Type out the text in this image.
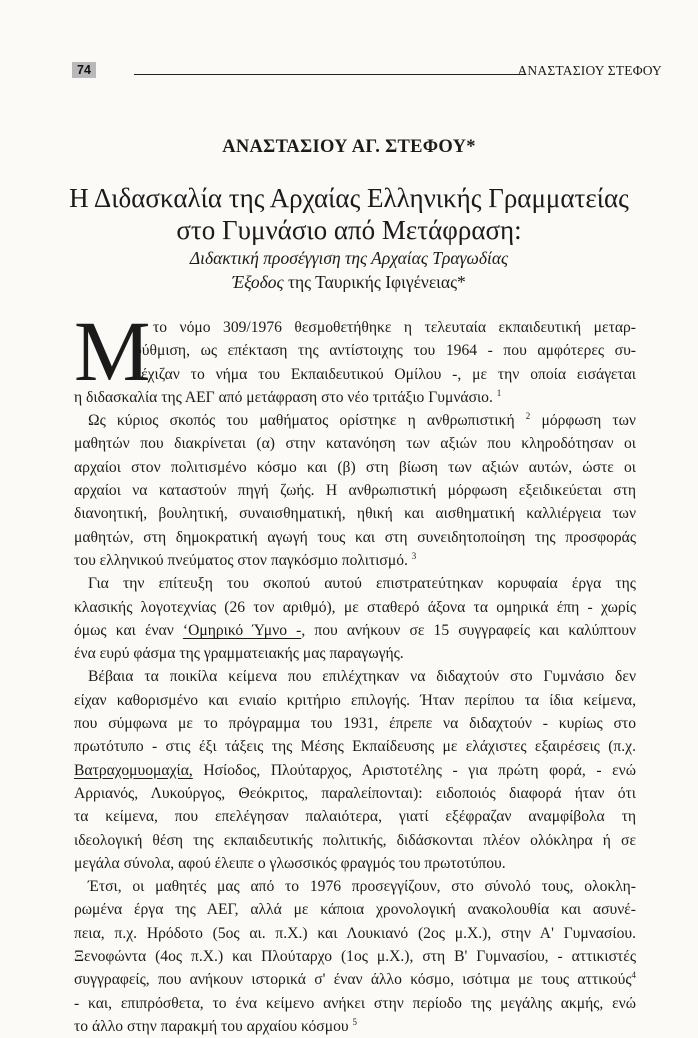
74	ΑΝΑΣΤΑΣΙΟΥ ΣΤΕΦΟΥ
ΑΝΑΣΤΑΣΙΟΥ ΑΓ. ΣΤΕΦΟΥ*
Η Διδασκαλία της Αρχαίας Ελληνικής Γραμματείας
στο Γυμνάσιο από Μετάφραση:
Διδακτική προσέγγιση της Αρχαίας Τραγωδίας
Έξοδος της Ταυρικής Ιφιγένειας*
Μ
ε το νόμο 309/1976 θεσμοθετήθηκε η τελευταία εκπαιδευτική μεταρ-
ρύθμιση, ως επέκταση της αντίστοιχης του 1964 - που αμφότερες συ-
νέχιζαν το νήμα του Εκπαιδευτικού Ομίλου -, με την οποία εισάγεται
η διδασκαλία της ΑΕΓ από μετάφραση στο νέο τριτάξιο Γυμνάσιο. $^1$
Ως κύριος σκοπός του μαθήματος ορίστηκε η ανθρωπιστική $^2$ μόρφωση των
μαθητών που διακρίνεται (α) στην κατανόηση των αξιών που κληροδότησαν οι
αρχαίοι στον πολιτισμένο κόσμο και (β) στη βίωση των αξιών αυτών, ώστε οι
αρχαίοι να καταστούν πηγή ζωής. Η ανθρωπιστική μόρφωση εξειδικεύεται στη
διανοητική, βουλητική, συναισθηματική, ηθική και αισθηματική καλλιέργεια των
μαθητών, στη δημοκρατική αγωγή τους και στη συνειδητοποίηση της προσφοράς
του ελληνικού πνεύματος στον παγκόσμιο πολιτισμό. $^3$
Για την επίτευξη του σκοπού αυτού επιστρατεύτηκαν κορυφαία έργα της
κλασικής λογοτεχνίας (26 τον αριθμό), με σταθερό άξονα τα ομηρικά έπη - χωρίς
όμως και έναν ‘Ομηρικό Ύμνο -, που ανήκουν σε 15 συγγραφείς και καλύπτουν
ένα ευρύ φάσμα της γραμματειακής μας παραγωγής.
Βέβαια τα ποικίλα κείμενα που επιλέχτηκαν να διδαχτούν στο Γυμνάσιο δεν
είχαν καθορισμένο και ενιαίο κριτήριο επιλογής. Ήταν περίπου τα ίδια κείμενα,
που σύμφωνα με το πρόγραμμα του 1931, έπρεπε να διδαχτούν - κυρίως στο
πρωτότυπο - στις έξι τάξεις της Μέσης Εκπαίδευσης με ελάχιστες εξαιρέσεις (π.χ.
Βατραχομυομαχία, Ησίοδος, Πλούταρχος, Αριστοτέλης - για πρώτη φορά, - ενώ
Αρριανός, Λυκούργος, Θεόκριτος, παραλείπονται): ειδοποιός διαφορά ήταν ότι
τα κείμενα, που επελέγησαν παλαιότερα, γιατί εξέφραζαν αναμφίβολα τη
ιδεολογική θέση της εκπαιδευτικής πολιτικής, διδάσκονται πλέον ολόκληρα ή σε
μεγάλα σύνολα, αφού έλειπε ο γλωσσικός φραγμός του πρωτοτύπου.
Έτσι, οι μαθητές μας από το 1976 προσεγγίζουν, στο σύνολό τους, ολοκλη-
ρωμένα έργα της ΑΕΓ, αλλά με κάποια χρονολογική ανακολουθία και ασυνέ-
πεια, π.χ. Ηρόδοτο (5ος αι. π.Χ.) και Λουκιανό (2ος μ.Χ.), στην Α' Γυμνασίου.
Ξενοφώντα (4ος π.Χ.) και Πλούταρχο (1ος μ.Χ.), στη Β' Γυμνασίου, - αττικιστές
συγγραφείς, που ανήκουν ιστορικά σ' έναν άλλο κόσμο, ισότιμα με τους αττικούς$^4$
- και, επιπρόσθετα, το ένα κείμενο ανήκει στην περίοδο της μεγάλης ακμής, ενώ
το άλλο στην παρακμή του αρχαίου κόσμου $^5$
